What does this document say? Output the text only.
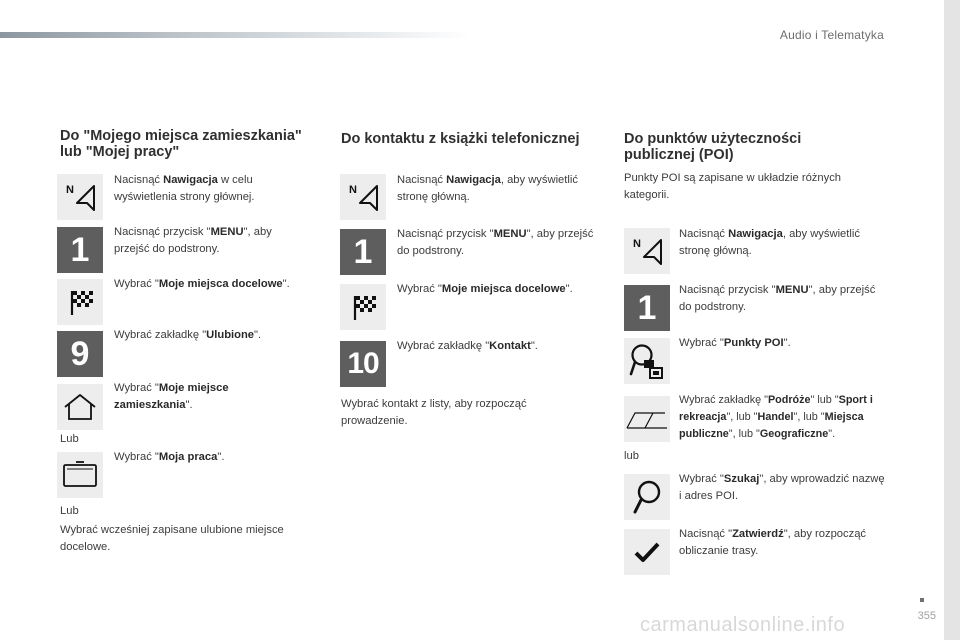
Audio i Telematyka
Do "Mojego miejsca zamieszkania" lub "Mojej pracy"
N
Nacisnąć Nawigacja w celu wyświetlenia strony głównej.
1	Nacisnąć przycisk "MENU", aby przejść do podstrony.
Wybrać "Moje miejsca docelowe".
9	Wybrać zakładkę "Ulubione".
Wybrać "Moje miejsce zamieszkania".
Lub
Wybrać "Moja praca".
Lub
Wybrać wcześniej zapisane ulubione miejsce docelowe.
Do kontaktu z książki telefonicznej
N
Nacisnąć Nawigacja, aby wyświetlić stronę główną.
1	Nacisnąć przycisk "MENU", aby przejść do podstrony.
Wybrać "Moje miejsca docelowe".
10
Wybrać zakładkę "Kontakt".
Wybrać kontakt z listy, aby rozpocząć prowadzenie.
Do punktów użyteczności publicznej (POI)
Punkty POI są zapisane w układzie różnych kategorii.
N
Nacisnąć Nawigacja, aby wyświetlić stronę główną.
1	Nacisnąć przycisk "MENU", aby przejść do podstrony.
Wybrać "Punkty POI".
Wybrać zakładkę "Podróże" lub "Sport i rekreacja", lub "Handel", lub "Miejsca publiczne", lub "Geograficzne".
lub
Wybrać "Szukaj", aby wprowadzić nazwę i adres POI.
Nacisnąć "Zatwierdź", aby rozpocząć obliczanie trasy.
carmanualsonline.info	355
